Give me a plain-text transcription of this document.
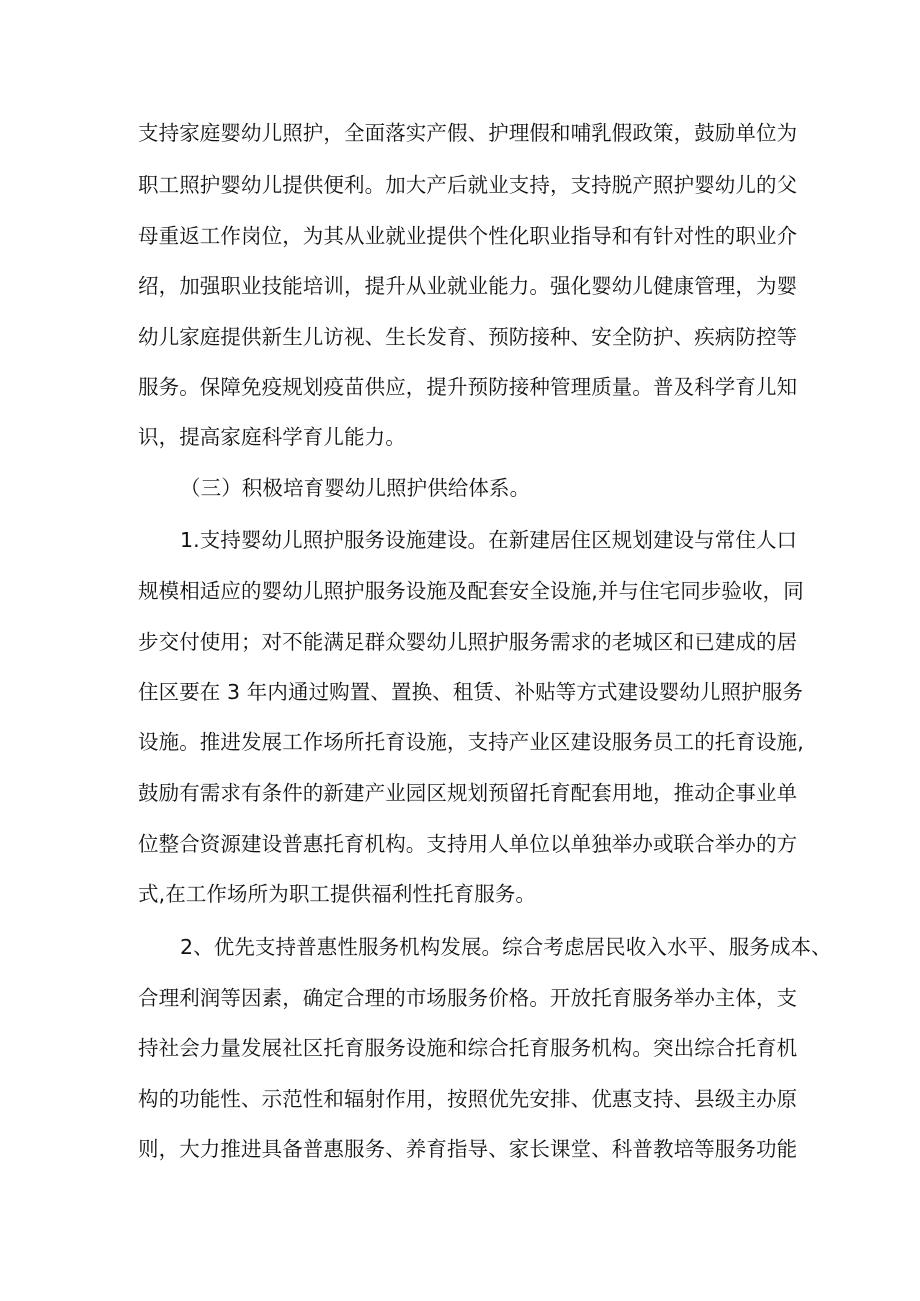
支持家庭婴幼儿照护，全面落实产假、护理假和哺乳假政策，鼓励单位为
职工照护婴幼儿提供便利。加大产后就业支持，支持脱产照护婴幼儿的父
母重返工作岗位，为其从业就业提供个性化职业指导和有针对性的职业介
绍，加强职业技能培训，提升从业就业能力。强化婴幼儿健康管理，为婴
幼儿家庭提供新生儿访视、生长发育、预防接种、安全防护、疾病防控等
服务。保障免疫规划疫苗供应，提升预防接种管理质量。普及科学育儿知
识，提高家庭科学育儿能力。
（三）积极培育婴幼儿照护供给体系。
1.支持婴幼儿照护服务设施建设。在新建居住区规划建设与常住人口
规模相适应的婴幼儿照护服务设施及配套安全设施,并与住宅同步验收，同
步交付使用；对不能满足群众婴幼儿照护服务需求的老城区和已建成的居
住区要在 3 年内通过购置、置换、租赁、补贴等方式建设婴幼儿照护服务
设施。推进发展工作场所托育设施，支持产业区建设服务员工的托育设施,
鼓励有需求有条件的新建产业园区规划预留托育配套用地，推动企事业单
位整合资源建设普惠托育机构。支持用人单位以单独举办或联合举办的方
式,在工作场所为职工提供福利性托育服务。
2、优先支持普惠性服务机构发展。综合考虑居民收入水平、服务成本、
合理利润等因素，确定合理的市场服务价格。开放托育服务举办主体，支
持社会力量发展社区托育服务设施和综合托育服务机构。突出综合托育机
构的功能性、示范性和辐射作用，按照优先安排、优惠支持、县级主办原
则，大力推进具备普惠服务、养育指导、家长课堂、科普教培等服务功能
